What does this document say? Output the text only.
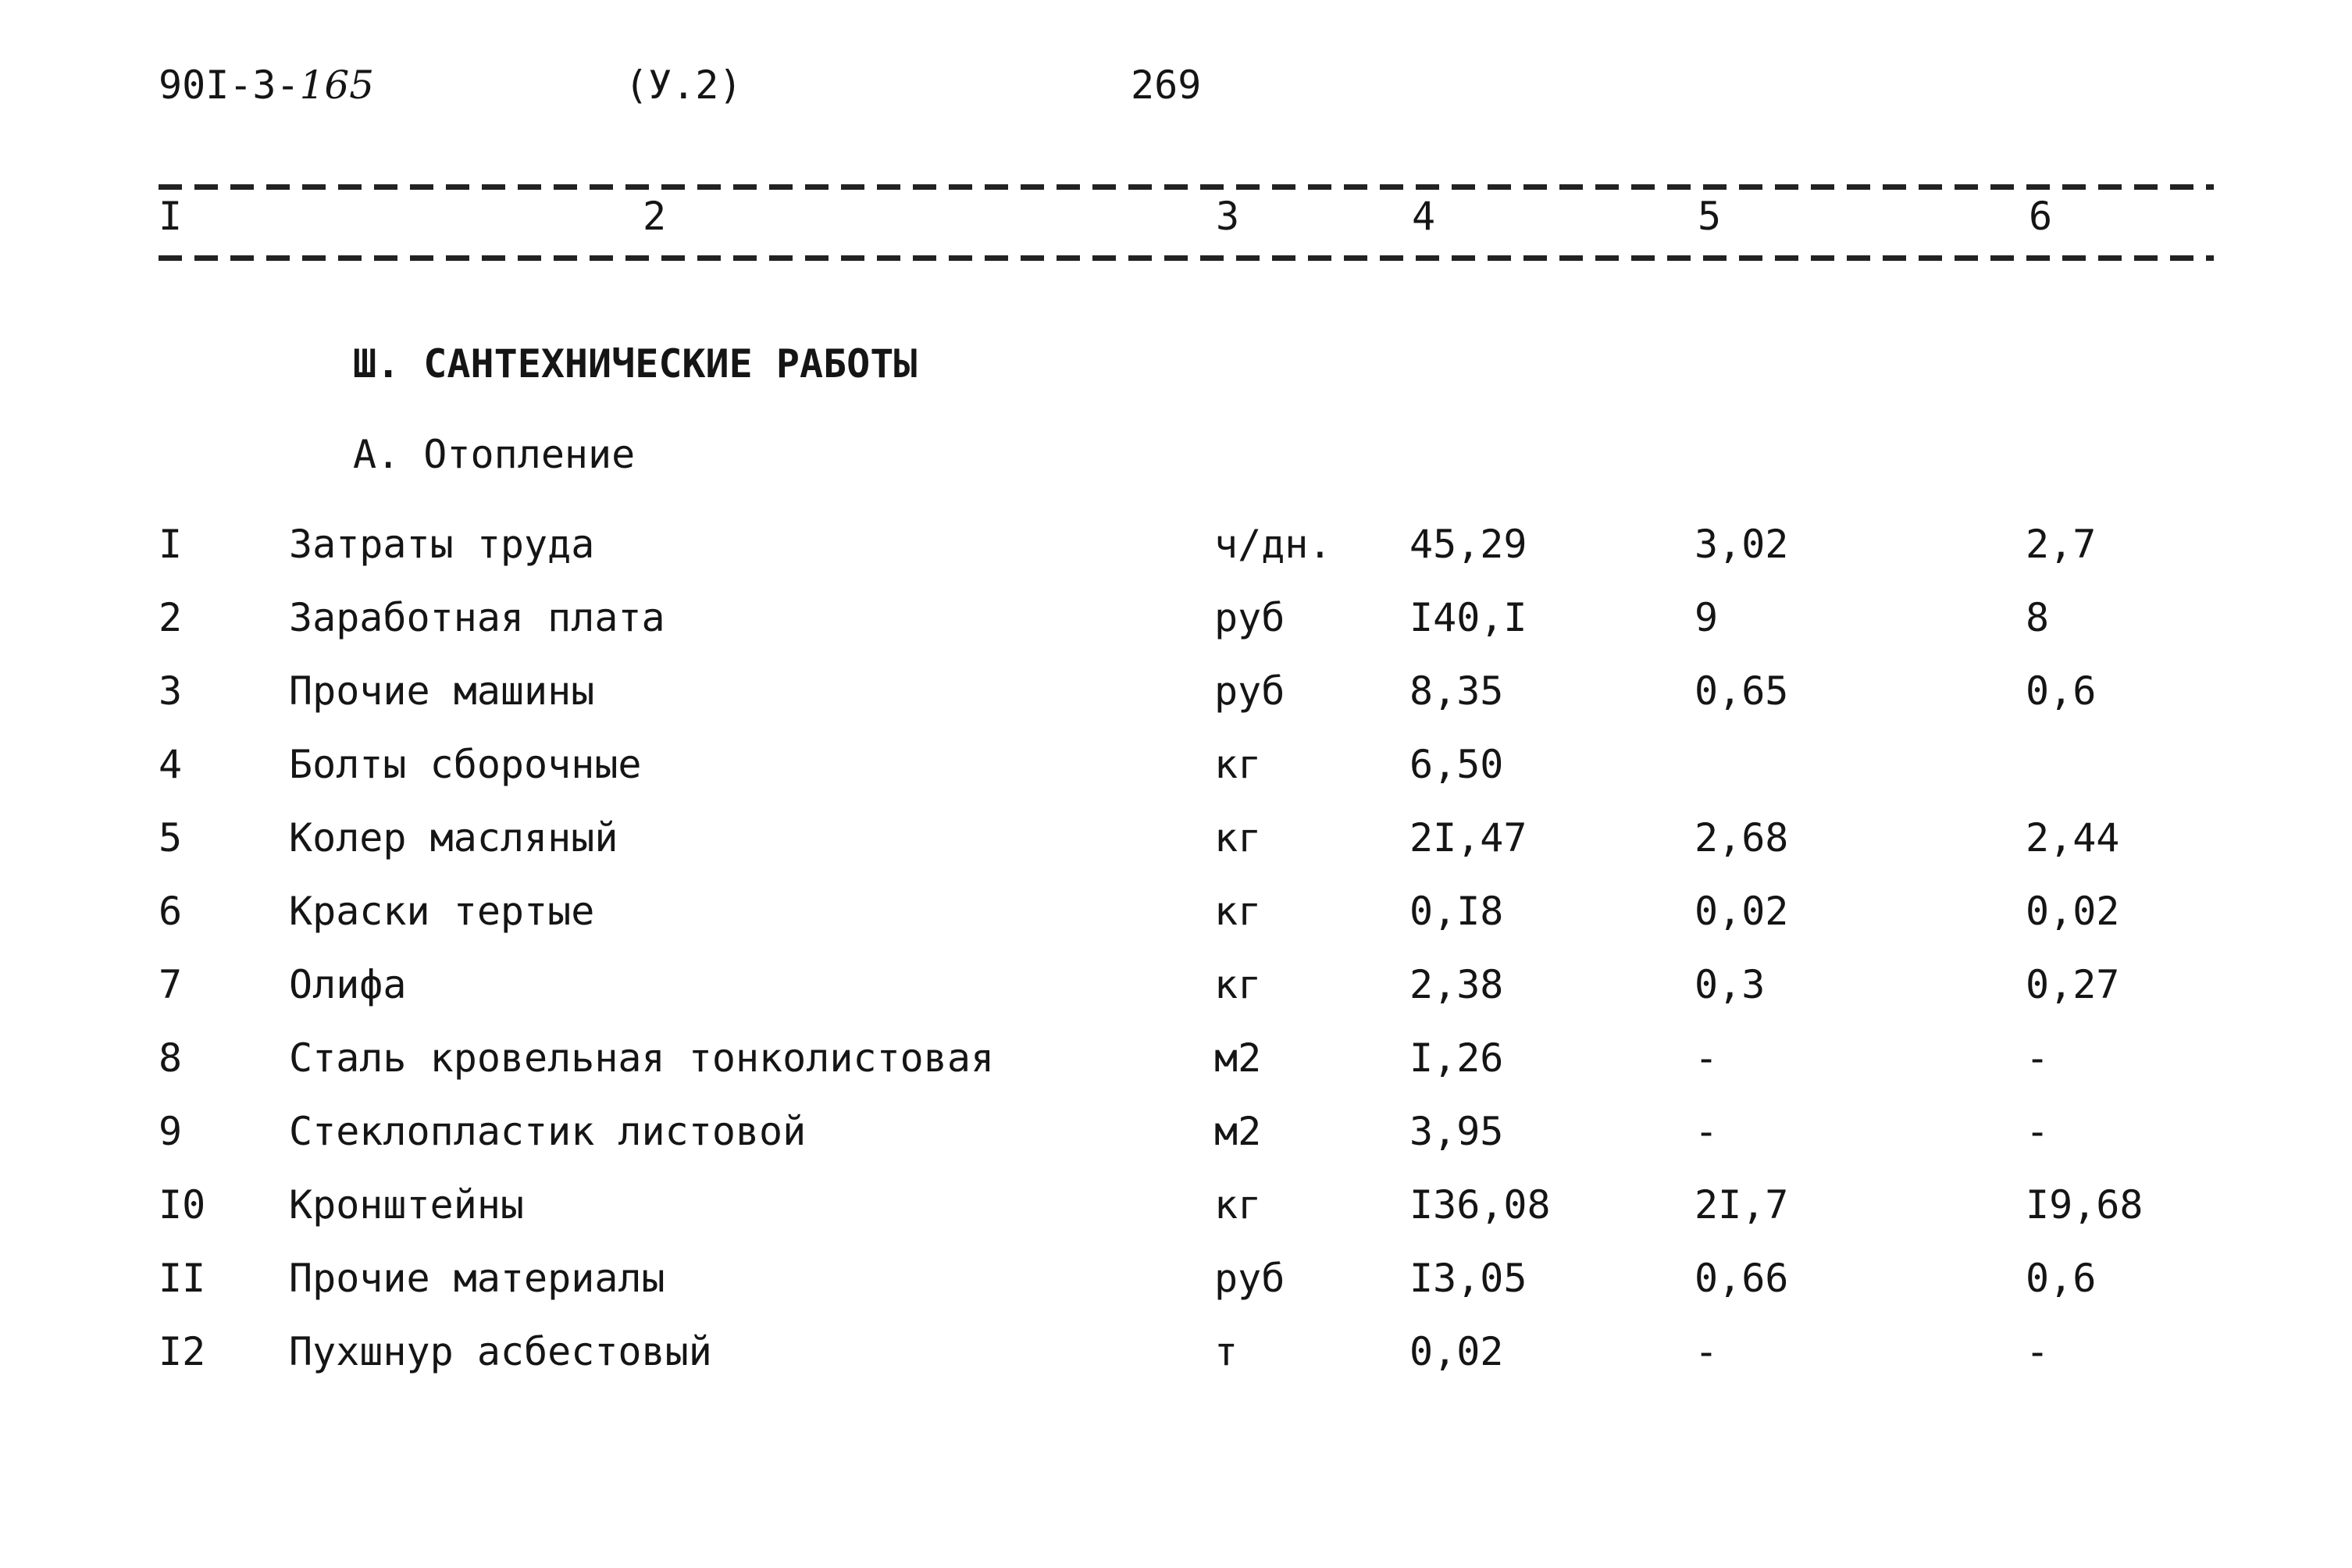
90I-3-165	(У.2)	269
I	2	3	4	5	6
Ш. САНТЕХНИЧЕСКИЕ РАБОТЫ
А. Отопление
I	Затраты труда	ч/дн. 45,29	3,02	2,7
2	Заработная плата	руб	I40,I	9	8
3	Прочие машины	руб	8,35	0,65	0,6
4	Болты сборочные	кг	6,50
5	Колер масляный	кг	2I,47	2,68	2,44
6	Краски тертые	кг	0,I8	0,02	0,02
7	Олифа	кг	2,38	0,3	0,27
8	Сталь кровельная тонколистовая	м2	I,26	-	-
9	Стеклопластик листовой	м2	3,95	-	-
I0 Кронштейны	кг	I36,08	2I,7	I9,68
II Прочие материалы	руб	I3,05	0,66	0,6
I2 Пухшнур асбестовый	т	0,02	-	-
